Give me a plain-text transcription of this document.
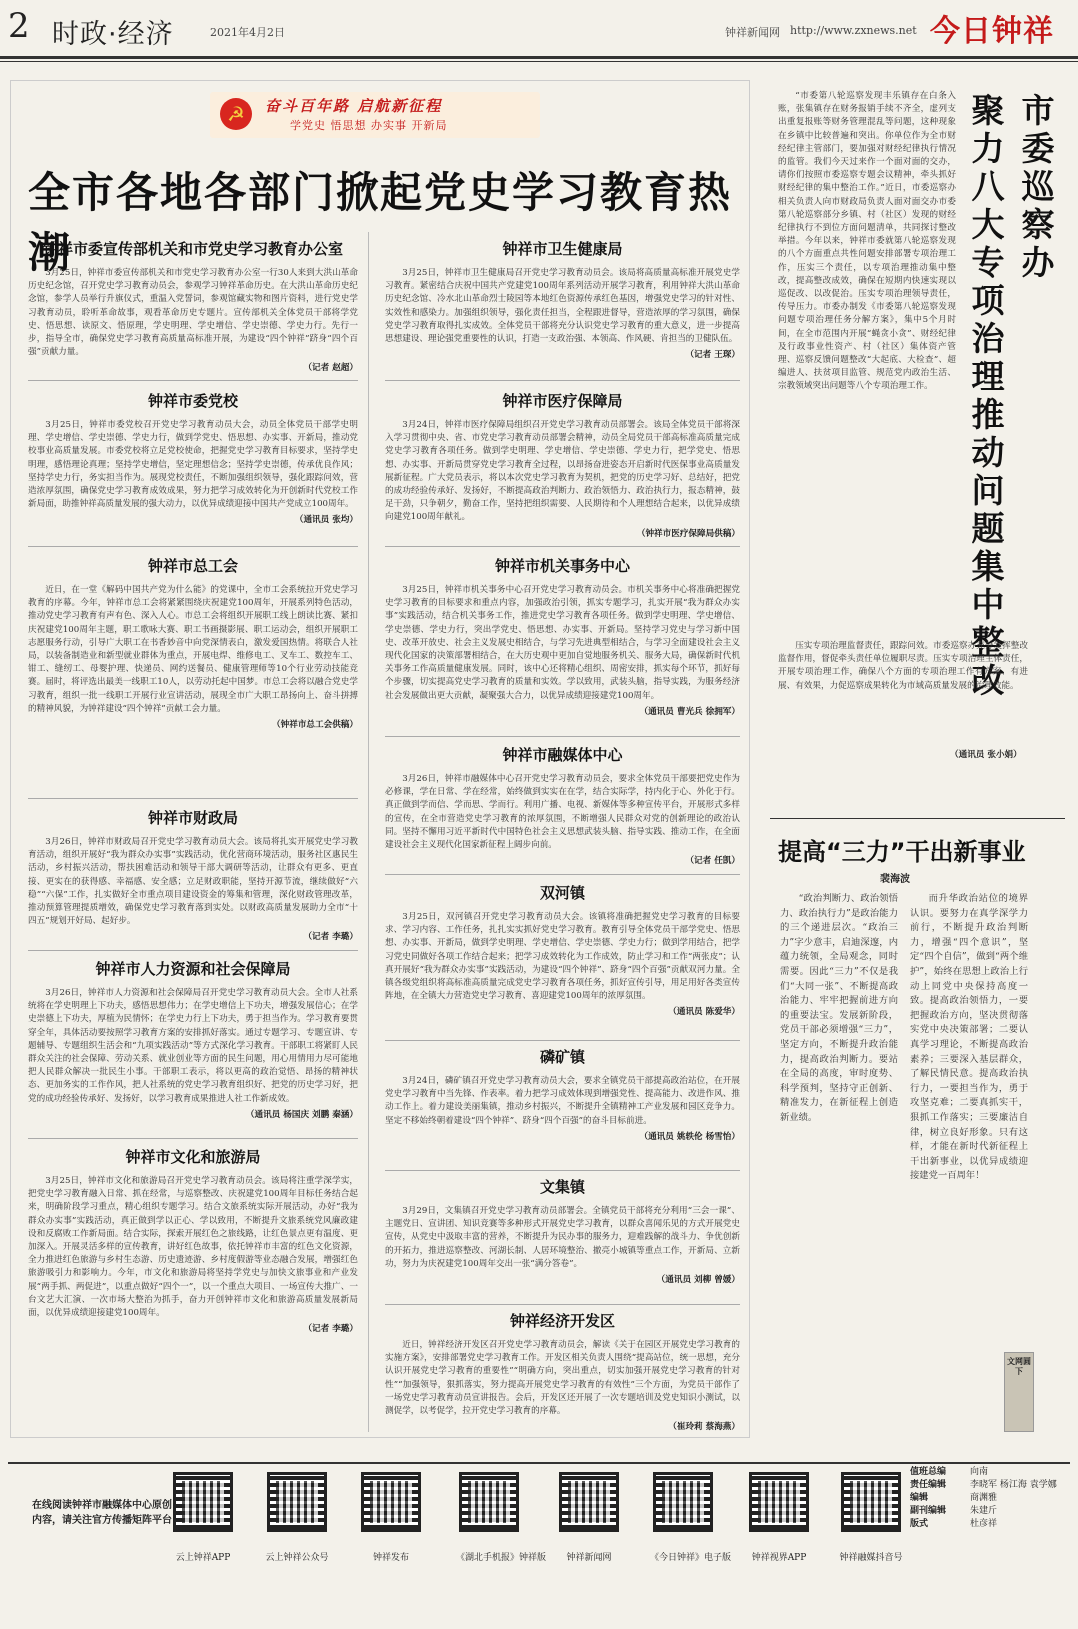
2 时政·经济	2021年4月2日	钟祥新闻网 http://www.zxnews.net 今日钟祥
☭	奋斗百年路 启航新征程
学党史 悟思想 办实事 开新局
全市各地各部门掀起党史学习教育热潮
钟祥市委宣传部机关和市党史学习教育办公室

3月25日，钟祥市委宣传部机关和市党史学习教育办公室一行30人来到大洪山革命历史纪念馆，召开党史学习教育动员会，参观学习钟祥革命历史。在大洪山革命历史纪念馆，参学人员举行升旗仪式，重温入党誓词，参观馆藏实物和图片资料，进行党史学习教育动员，聆听革命故事，观看革命历史专题片。宣传部机关全体党员干部将学党史、悟思想、读原文、悟原理，学史明理、学史增信、学史崇德、学史力行。先行一步，指导全市，确保党史学习教育高质量高标准开展，为建设“四个钟祥”跻身“四个百强”贡献力量。

（记者 赵超）
钟祥市委党校

3月25日，钟祥市委党校召开党史学习教育动员大会，动员全体党员干部学史明理、学史增信、学史崇德、学史力行，做到学党史、悟思想、办实事、开新局，推动党校事业高质量发展。市委党校将立足党校使命，把握党史学习教育目标要求，坚持学史明理，感悟理论真理；坚持学史增信，坚定理想信念；坚持学史崇德，传承优良作风；坚持学史力行，务实担当作为。展现党校责任，不断加强组织领导，强化跟踪问效，营造浓厚氛围，确保党史学习教育成效成果，努力把学习成效转化为开创新时代党校工作新局面，助推钟祥高质量发展的强大动力，以优异成绩迎接中国共产党成立100周年。

（通讯员 张均）
钟祥市总工会

近日，在一堂《解码中国共产党为什么能》的党课中，全市工会系统拉开党史学习教育的序幕。今年，钟祥市总工会将紧紧围绕庆祝建党100周年，开展系列特色活动，推动党史学习教育有声有色、深入人心。市总工会将组织开展职工线上朗读比赛、紧扣庆祝建党100周年主题，职工歌咏大赛、职工书画摄影展、职工运动会，组织开展职工志愿服务行动，引导广大职工在书香妙音中向党深情表白，激发爱国热情。将联合人社局，以装备制造业和新型就业群体为重点，开展电焊、维修电工、叉车工、数控车工、钳工、缝纫工、母婴护理、快递员、网约送餐员、健康管理师等10个行业劳动技能竞赛。届时，将评选出最美一线职工10人，以劳动托起中国梦。市总工会将以融合党史学习教育，组织一批一线职工开展行业宣讲活动，展现全市广大职工昂扬向上、奋斗拼搏的精神风貌，为钟祥建设“四个钟祥”贡献工会力量。

（钟祥市总工会供稿）
钟祥市财政局

3月26日，钟祥市财政局召开党史学习教育动员大会。该局将扎实开展党史学习教育活动，组织开展好“我为群众办实事”实践活动，优化营商环境活动，服务社区惠民生活动，乡村振兴活动，帮扶困难活动和领导干部大调研等活动，让群众有更多、更直接、更实在的获得感、幸福感、安全感；立足财政职能，坚持开源节流，继续做好“六稳”“六保”工作，扎实做好全市重点项目建设资金的筹集和管理，深化财政管理改革，推动预算管理提质增效，确保党史学习教育落到实处。以财政高质量发展助力全市“十四五”规划开好局、起好步。

（记者 李璐）
钟祥市人力资源和社会保障局

3月26日，钟祥市人力资源和社会保障局召开党史学习教育动员大会。全市人社系统将在学史明理上下功夫，感悟思想伟力；在学史增信上下功夫，增强发展信心；在学史崇德上下功夫，厚植为民情怀；在学史力行上下功夫，勇于担当作为。学习教育要贯穿全年，具体活动要按照学习教育方案的安排抓好落实。通过专题学习、专题宣讲、专题辅导、专题组织生活会和“九项实践活动”等方式深化学习教育。干部职工将紧盯人民群众关注的社会保障、劳动关系、就业创业等方面的民生问题，用心用情用力尽可能地把人民群众解决一批民生小事。干部职工表示，将以更高的政治觉悟、昂扬的精神状态、更加务实的工作作风，把人社系统的党史学习教育组织好、把党的历史学习好，把党的成功经验传承好、发扬好，以学习教育成果推进人社工作新成效。

（通讯员 杨国庆 刘鹏 秦涵）
钟祥市文化和旅游局

3月25日，钟祥市文化和旅游局召开党史学习教育动员会。该局将注重学深学实，把党史学习教育融入日常、抓在经常，与巡察整改、庆祝建党100周年目标任务结合起来，明确阶段学习重点，精心组织专题学习。结合文旅系统实际开展活动，办好“我为群众办实事”实践活动，真正做到学以正心、学以致用，不断提升文旅系统党风廉政建设和反腐败工作新局面。结合实际，探索开展红色之旅线路，让红色景点更有温度、更加深入。开展灵活多样的宣传教育，讲好红色故事，依托钟祥市丰富的红色文化资源，全力推进红色旅游与乡村生态游、历史遗迹游、乡村度假游等业态融合发展，增强红色旅游吸引力和影响力。今年，市文化和旅游局将坚持学党史与加快文旅事业和产业发展“两手抓、两促进”，以重点做好“四个一”，以一个重点大项目、一场宣传大推广、一台文艺大汇演、一次市场大整治为抓手，奋力开创钟祥市文化和旅游高质量发展新局面，以优异成绩迎接建党100周年。

（记者 李璐）
钟祥市卫生健康局

3月25日，钟祥市卫生健康局召开党史学习教育动员会。该局将高质量高标准开展党史学习教育。紧密结合庆祝中国共产党建党100周年系列活动开展学习教育，利用钟祥大洪山革命历史纪念馆、冷水北山革命烈士陵园等本地红色资源传承红色基因，增强党史学习的针对性、实效性和感染力。加强组织领导，强化责任担当，全程跟进督导，营造浓厚的学习氛围，确保党史学习教育取得扎实成效。全体党员干部将充分认识党史学习教育的重大意义，进一步提高思想建设、理论强党重要性的认识，打造一支政治强、本领高、作风硬、肯担当的卫健队伍。

（记者 王琛）
钟祥市医疗保障局

3月24日，钟祥市医疗保障局组织召开党史学习教育动员部署会。该局全体党员干部将深入学习贯彻中央、省、市党史学习教育动员部署会精神，动员全局党员干部高标准高质量完成党史学习教育各项任务。做到学史明理、学史增信、学史崇德、学史力行，把学党史、悟思想、办实事、开新局贯穿党史学习教育全过程，以昂扬奋进姿态开启新时代医保事业高质量发展新征程。广大党员表示，将以本次党史学习教育为契机，把党的历史学习好、总结好，把党的成功经验传承好、发扬好，不断提高政治判断力、政治领悟力、政治执行力，报态精神，鼓足干劲，只争朝夕，勤奋工作，坚持把组织需要、人民期待和个人理想结合起来，以优异成绩向建党100周年献礼。

（钟祥市医疗保障局供稿）
钟祥市机关事务中心

3月25日，钟祥市机关事务中心召开党史学习教育动员会。市机关事务中心将准确把握党史学习教育的目标要求和重点内容，加强政治引领，抓实专题学习，扎实开展“我为群众办实事”实践活动，结合机关事务工作，推进党史学习教育各项任务。做到学史明理、学史增信、学史崇德、学史力行，突出学党史、悟思想、办实事、开新局。坚持学习党史与学习新中国史、改革开放史、社会主义发展史相结合，与学习先进典型相结合，与学习全面建设社会主义现代化国家的决策部署相结合，在大历史观中更加自觉地服务机关、服务大局，确保新时代机关事务工作高质量健康发展。同时，该中心还将精心组织、周密安排，抓实每个环节，抓好每个步骤，切实提高党史学习教育的质量和实效。学以致用，武装头脑，指导实践，为服务经济社会发展做出更大贡献，凝聚强大合力，以优异成绩迎接建党100周年。

（通讯员 曹光兵 徐拥军）
钟祥市融媒体中心

3月26日，钟祥市融媒体中心召开党史学习教育动员会，要求全体党员干部要把党史作为必修课，学在日常、学在经常，始终做到实实在在学，结合实际学，持内化于心、外化于行。真正做到学而信、学而思、学而行。利用广播、电视、新媒体等多种宣传平台，开展形式多样的宣传，在全市营造党史学习教育的浓厚氛围，不断增强人民群众对党的创新理论的政治认同。坚持不懈用习近平新时代中国特色社会主义思想武装头脑、指导实践、推动工作，在全面建设社会主义现代化国家新征程上阔步向前。

（记者 任凯）
双河镇

3月25日，双河镇召开党史学习教育动员大会。该镇将准确把握党史学习教育的目标要求、学习内容、工作任务，扎扎实实抓好党史学习教育。教育引导全体党员干部学党史、悟思想、办实事、开新局，做到学史明理、学史增信、学史崇德、学史力行；做到学用结合，把学习党史同做好各项工作结合起来；把学习成效转化为工作成效，防止学习和工作“两张皮”；认真开展好“我为群众办实事”实践活动，为建设“四个钟祥”、跻身“四个百强”贡献双河力量。全镇各级党组织将高标准高质量完成党史学习教育各项任务，抓好宣传引导，用足用好各类宣传阵地，在全镇大力营造党史学习教育、喜迎建党100周年的浓厚氛围。

（通讯员 陈爱华）
磷矿镇

3月24日，磷矿镇召开党史学习教育动员大会，要求全镇党员干部提高政治站位，在开展党史学习教育中当先锋、作表率。着力把学习成效体现到增强党性、提高能力、改进作风、推动工作上。着力建设美丽集镇，推动乡村振兴，不断提升全镇精神工产业发展和园区竞争力。坚定不移始终朝着建设“四个钟祥”、跻身“四个百强”的奋斗目标前进。

（通讯员 姚轶伦 杨雪怡）
文集镇

3月29日，文集镇召开党史学习教育动员部署会。全镇党员干部将充分利用“三会一课”、主题党日、宣讲团、知识竞赛等多种形式开展党史学习教育，以群众喜闻乐见的方式开展党史宣传，从党史中汲取丰富的营养，不断提升为民办事的服务力，迎难践解的战斗力、争优创新的开拓力，推进巡察整改、河湖长制、人居环境整治、撤亮小城镇等重点工作，开新局、立新功，努力为庆祝建党100周年交出一张“满分答卷”。

（通讯员 刘柳 曾媛）
钟祥经济开发区

近日，钟祥经济开发区召开党史学习教育动员会，解读《关于在园区开展党史学习教育的实施方案》，安排部署党史学习教育工作。开发区相关负责人围绕“提高站位，统一思想，充分认识开展党史学习教育的重要性”“明确方向，突出重点，切实加强开展党史学习教育的针对性”“加强领导，狠抓落实，努力提高开展党史学习教育的有效性”三个方面，为党员干部作了一场党史学习教育动员宣讲报告。会后，开发区还开展了一次专题培训及党史知识小测试，以测促学，以考促学，拉开党史学习教育的序幕。

（崔玲莉 蔡海燕）
市
委
巡
察
办
聚
力
八
大
专
项
治
理
推
动
问
题
集
中
整
改

“市委第八轮巡察发现丰乐镇存在白条入账，张集镇存在财务报销手续不齐全，虚列支出重复报账等财务管理混乱等问题，这种现象在乡镇中比较普遍和突出。你单位作为全市财经纪律主管部门，要加强对财经纪律执行情况的监管。我们今天过来作一个面对面的交办，请你们按照市委巡察专题会议精神，牵头抓好财经纪律的集中整治工作。”近日，市委巡察办相关负责人向市财政局负责人面对面交办市委第八轮巡察部分乡镇、村（社区）发现的财经纪律执行不到位方面问题清单，共同探讨整改举措。今年以来，钟祥市委就第八轮巡察发现的八个方面重点共性问题安排部署专项治理工作，压实三个责任，以专项治理推动集中整改，提高整改成效，确保在短期内快速实现以巡促改、以改促治。压实专项治理领导责任，传导压力。市委办制发《市委第八轮巡察发现问题专项治理任务分解方案》，集中5个月时间，在全市范围内开展“蝇贪小贪”、财经纪律及行政事业性资产、村（社区）集体资产管理、巡察反馈问题整改“大起底、大检查”、超编进人、扶贫项目监管、规范党内政治生活、宗教领域突出问题等八个专项治理工作。

压实专项治理监督责任，跟踪问效。市委巡察办充分发挥整改监督作用，督促牵头责任单位履职尽责。压实专项治理主体责任，开展专项治理工作，确保八个方面的专项治理工作有方案、有进展、有效果，力促巡察成果转化为市域高质量发展的治理效能。

（通讯员 张小娟）
提高“三力”干出新事业
裴海波

“政治判断力、政治领悟力、政治执行力”是政治能力的三个递进层次。“政治三力”字少意丰，启迪深邃，内蕴力统领，全局观念，同时需要。因此“三力”不仅是我们“大同一张”、不断提高政治能力、牢牢把握前进方向的重要法宝。发展新阶段，党员干部必须增强“三力”，坚定方向，不断提升政治能力，提高政治判断力。要站在全局的高度，审时度势、科学预判，坚持守正创新、精准发力，在新征程上创造新业绩。

而升华政治站位的境界认识。要努力在真学深学力前行，不断提升政治判断力，增强“四个意识”，坚定“四个自信”，做到“两个维护”，始终在思想上政治上行动上同党中央保持高度一致。提高政治领悟力，一要把握政治方向，坚决贯彻落实党中央决策部署；二要认真学习理论，不断提高政治素养；三要深入基层群众，了解民情民意。提高政治执行力，一要担当作为，勇于攻坚克难；二要真抓实干，狠抓工作落实；三要廉洁自律，树立良好形象。只有这样，才能在新时代新征程上干出新事业，以优异成绩迎接建党一百周年！

文网圆下
在线阅读钟祥市融媒体中心原创内容，请关注官方传播矩阵平台
云上钟祥APP	云上钟祥公众号	钟祥发布	《湖北手机报》钟祥版	钟祥新闻网	《今日钟祥》电子版	钟祥视界APP	钟祥融媒抖音号
值班总编	向南
责任编辑	李晓军 杨江海 袁学娜
编辑	商渊雅
副刊编辑	朱建斤
版式	杜彦祥
